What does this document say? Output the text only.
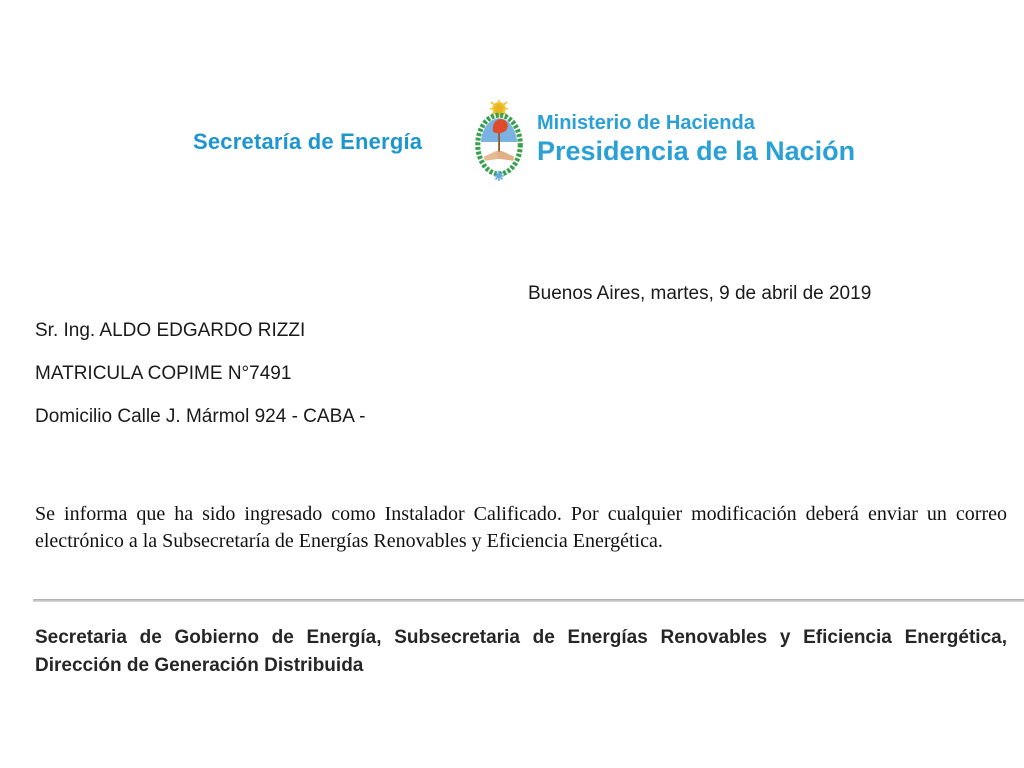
Secretaría de Energía
Ministerio de Hacienda
Presidencia de la Nación
Buenos Aires, martes, 9 de abril de 2019

Sr. Ing. ALDO EDGARDO RIZZI

MATRICULA COPIME N°7491

Domicilio Calle J. Mármol 924 - CABA -

Se informa que ha sido ingresado como Instalador Calificado. Por cualquier modificación deberá enviar un correo electrónico a la Subsecretaría de Energías Renovables y Eficiencia Energética.
Secretaria de Gobierno de Energía, Subsecretaria de Energías Renovables y Eficiencia Energética, Dirección de Generación Distribuida
